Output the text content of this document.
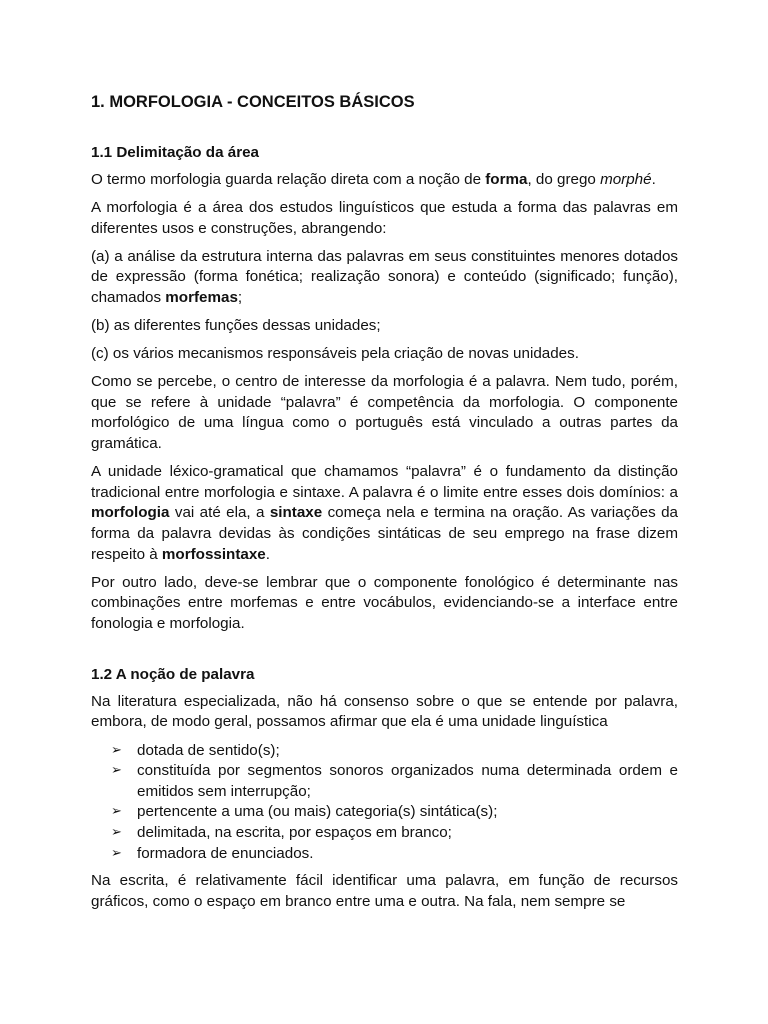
1. MORFOLOGIA - CONCEITOS BÁSICOS
1.1 Delimitação da área

O termo morfologia guarda relação direta com a noção de forma, do grego morphé.

A morfologia é a área dos estudos linguísticos que estuda a forma das palavras em diferentes usos e construções, abrangendo:

(a) a análise da estrutura interna das palavras em seus constituintes menores dotados de expressão (forma fonética; realização sonora) e conteúdo (significado; função), chamados morfemas;

(b) as diferentes funções dessas unidades;

(c) os vários mecanismos responsáveis pela criação de novas unidades.

Como se percebe, o centro de interesse da morfologia é a palavra. Nem tudo, porém, que se refere à unidade “palavra” é competência da morfologia. O componente morfológico de uma língua como o português está vinculado a outras partes da gramática.

A unidade léxico-gramatical que chamamos “palavra” é o fundamento da distinção tradicional entre morfologia e sintaxe. A palavra é o limite entre esses dois domínios: a morfologia vai até ela, a sintaxe começa nela e termina na oração. As variações da forma da palavra devidas às condições sintáticas de seu emprego na frase dizem respeito à morfossintaxe.

Por outro lado, deve-se lembrar que o componente fonológico é determinante nas combinações entre morfemas e entre vocábulos, evidenciando-se a interface entre fonologia e morfologia.

1.2 A noção de palavra

Na literatura especializada, não há consenso sobre o que se entende por palavra, embora, de modo geral, possamos afirmar que ela é uma unidade linguística

➢ dotada de sentido(s);
➢ constituída por segmentos sonoros organizados numa determinada ordem e emitidos sem interrupção;
➢ pertencente a uma (ou mais) categoria(s) sintática(s);
➢ delimitada, na escrita, por espaços em branco;
➢ formadora de enunciados.

Na escrita, é relativamente fácil identificar uma palavra, em função de recursos gráficos, como o espaço em branco entre uma e outra. Na fala, nem sempre se
